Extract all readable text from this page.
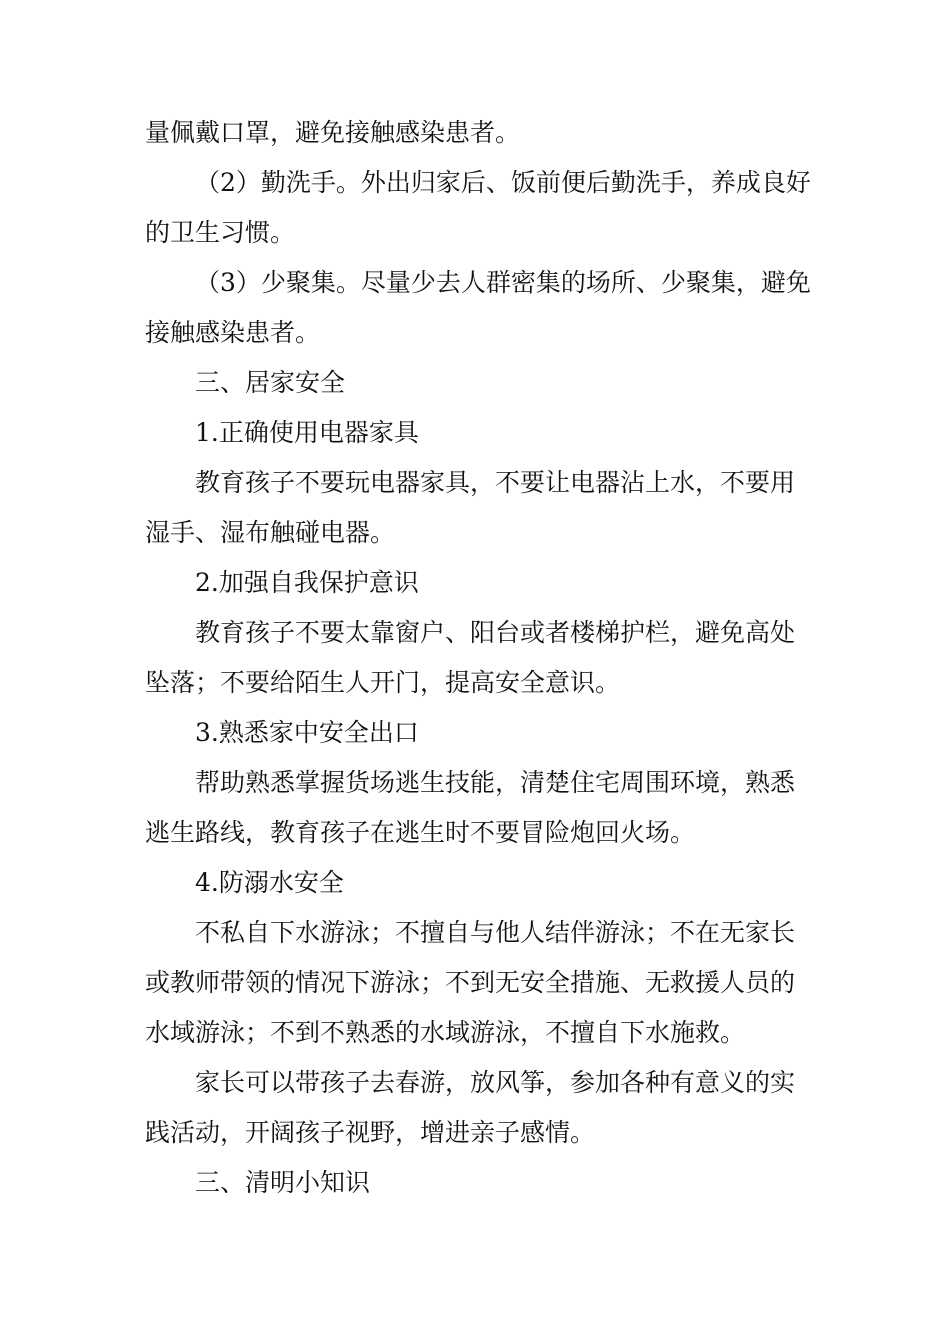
量佩戴口罩，避免接触感染患者。

（2）勤洗手。外出归家后、饭前便后勤洗手，养成良好的卫生习惯。

（3）少聚集。尽量少去人群密集的场所、少聚集，避免接触感染患者。

三、居家安全

1.正确使用电器家具

教育孩子不要玩电器家具，不要让电器沾上水，不要用湿手、湿布触碰电器。

2.加强自我保护意识

教育孩子不要太靠窗户、阳台或者楼梯护栏，避免高处坠落；不要给陌生人开门，提高安全意识。

3.熟悉家中安全出口

帮助熟悉掌握货场逃生技能，清楚住宅周围环境，熟悉逃生路线，教育孩子在逃生时不要冒险炮回火场。

4.防溺水安全

不私自下水游泳；不擅自与他人结伴游泳；不在无家长或教师带领的情况下游泳；不到无安全措施、无救援人员的水域游泳；不到不熟悉的水域游泳，不擅自下水施救。

家长可以带孩子去春游，放风筝，参加各种有意义的实践活动，开阔孩子视野，增进亲子感情。

三、清明小知识
